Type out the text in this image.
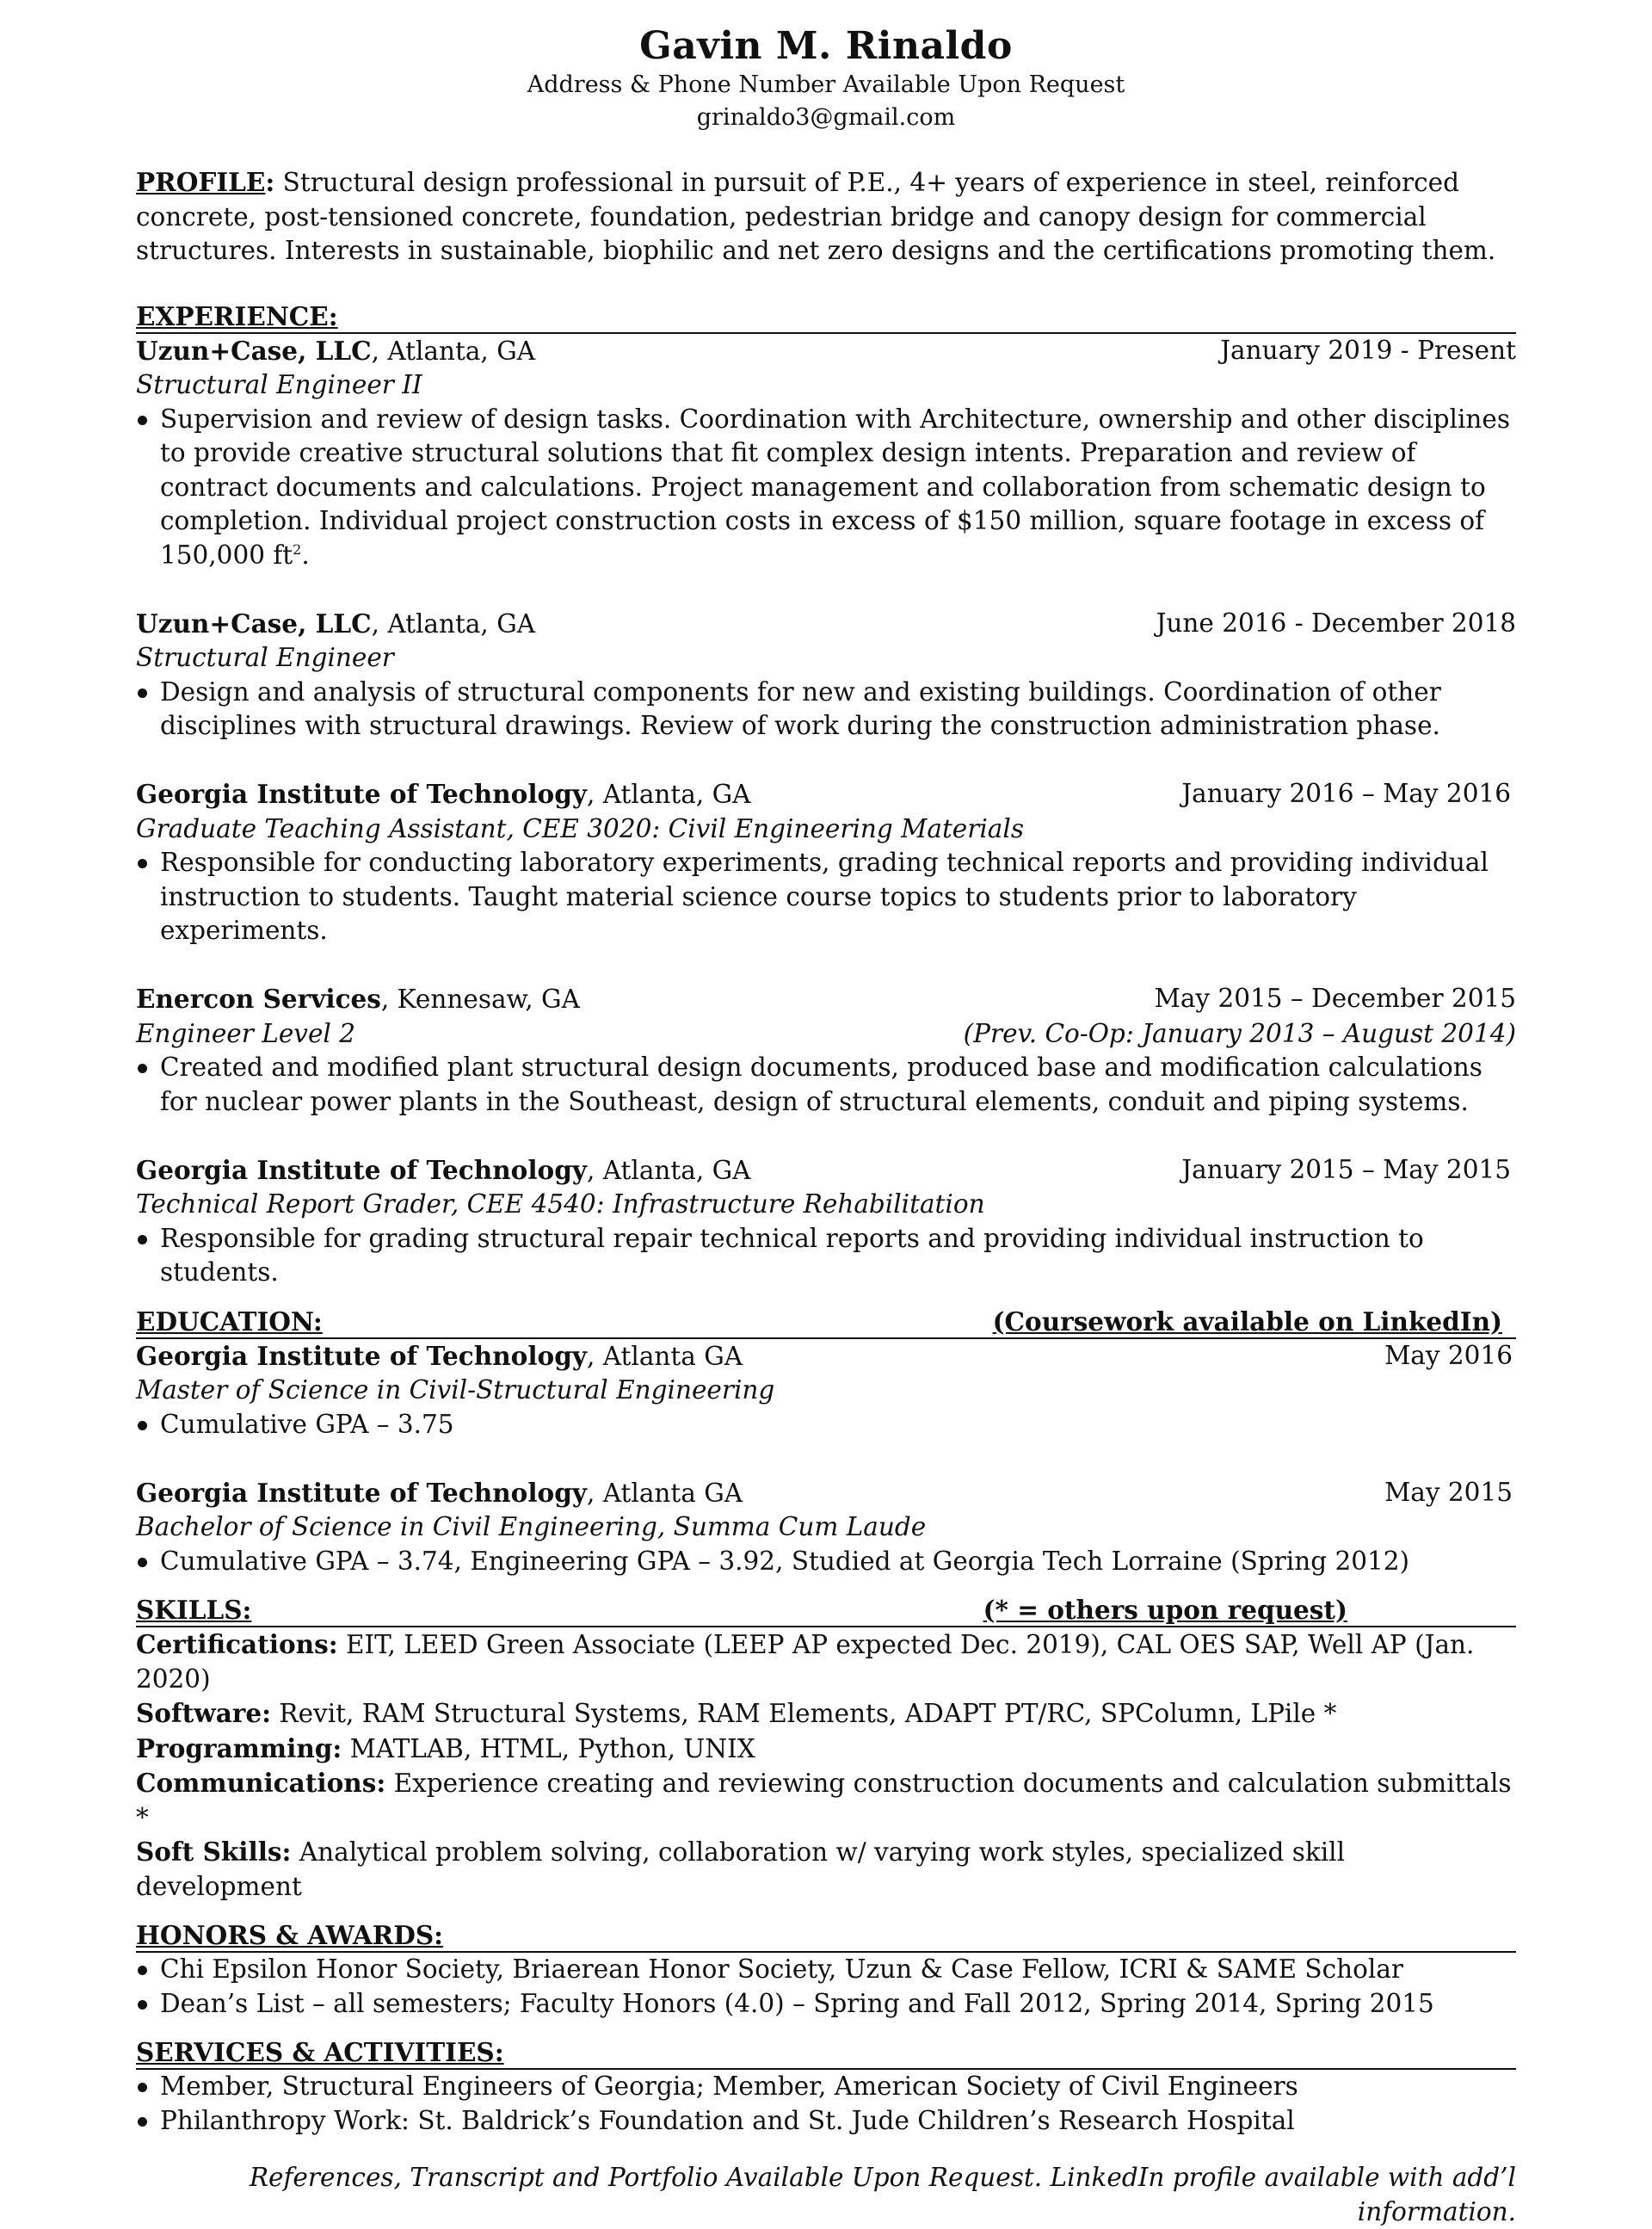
Gavin M. Rinaldo
Address & Phone Number Available Upon Request
grinaldo3@gmail.com
PROFILE: Structural design professional in pursuit of P.E., 4+ years of experience in steel, reinforced concrete, post-tensioned concrete, foundation, pedestrian bridge and canopy design for commercial structures. Interests in sustainable, biophilic and net zero designs and the certifications promoting them.
EXPERIENCE:
Uzun+Case, LLC, Atlanta, GA	January 2019 - Present
Structural Engineer II
Supervision and review of design tasks. Coordination with Architecture, ownership and other disciplines to provide creative structural solutions that fit complex design intents. Preparation and review of contract documents and calculations. Project management and collaboration from schematic design to completion. Individual project construction costs in excess of $150 million, square footage in excess of 150,000 $ft^2$.
Uzun+Case, LLC, Atlanta, GA	June 2016 - December 2018
Structural Engineer
Design and analysis of structural components for new and existing buildings. Coordination of other disciplines with structural drawings. Review of work during the construction administration phase.
Georgia Institute of Technology, Atlanta, GA	January 2016 – May 2016
Graduate Teaching Assistant, CEE 3020: Civil Engineering Materials
Responsible for conducting laboratory experiments, grading technical reports and providing individual instruction to students. Taught material science course topics to students prior to laboratory experiments.
Enercon Services, Kennesaw, GA	May 2015 – December 2015
Engineer Level 2	(Prev. Co-Op: January 2013 – August 2014)
Created and modified plant structural design documents, produced base and modification calculations for nuclear power plants in the Southeast, design of structural elements, conduit and piping systems.
Georgia Institute of Technology, Atlanta, GA	January 2015 – May 2015
Technical Report Grader, CEE 4540: Infrastructure Rehabilitation
Responsible for grading structural repair technical reports and providing individual instruction to students.
EDUCATION:	(Coursework available on LinkedIn)
Georgia Institute of Technology, Atlanta GA	May 2016
Master of Science in Civil-Structural Engineering
Cumulative GPA – 3.75
Georgia Institute of Technology, Atlanta GA	May 2015
Bachelor of Science in Civil Engineering, Summa Cum Laude
Cumulative GPA – 3.74, Engineering GPA – 3.92, Studied at Georgia Tech Lorraine (Spring 2012)
SKILLS:	(* = others upon request)
Certifications: EIT, LEED Green Associate (LEEP AP expected Dec. 2019), CAL OES SAP, Well AP (Jan. 2020)
Software: Revit, RAM Structural Systems, RAM Elements, ADAPT PT/RC, SPColumn, LPile *
Programming: MATLAB, HTML, Python, UNIX
Communications: Experience creating and reviewing construction documents and calculation submittals *
Soft Skills: Analytical problem solving, collaboration w/ varying work styles, specialized skill development
HONORS & AWARDS:
Chi Epsilon Honor Society, Briaerean Honor Society, Uzun & Case Fellow, ICRI & SAME Scholar
Dean’s List – all semesters; Faculty Honors (4.0) – Spring and Fall 2012, Spring 2014, Spring 2015
SERVICES & ACTIVITIES:
Member, Structural Engineers of Georgia; Member, American Society of Civil Engineers
Philanthropy Work: St. Baldrick’s Foundation and St. Jude Children’s Research Hospital
References, Transcript and Portfolio Available Upon Request. LinkedIn profile available with add’l information.
